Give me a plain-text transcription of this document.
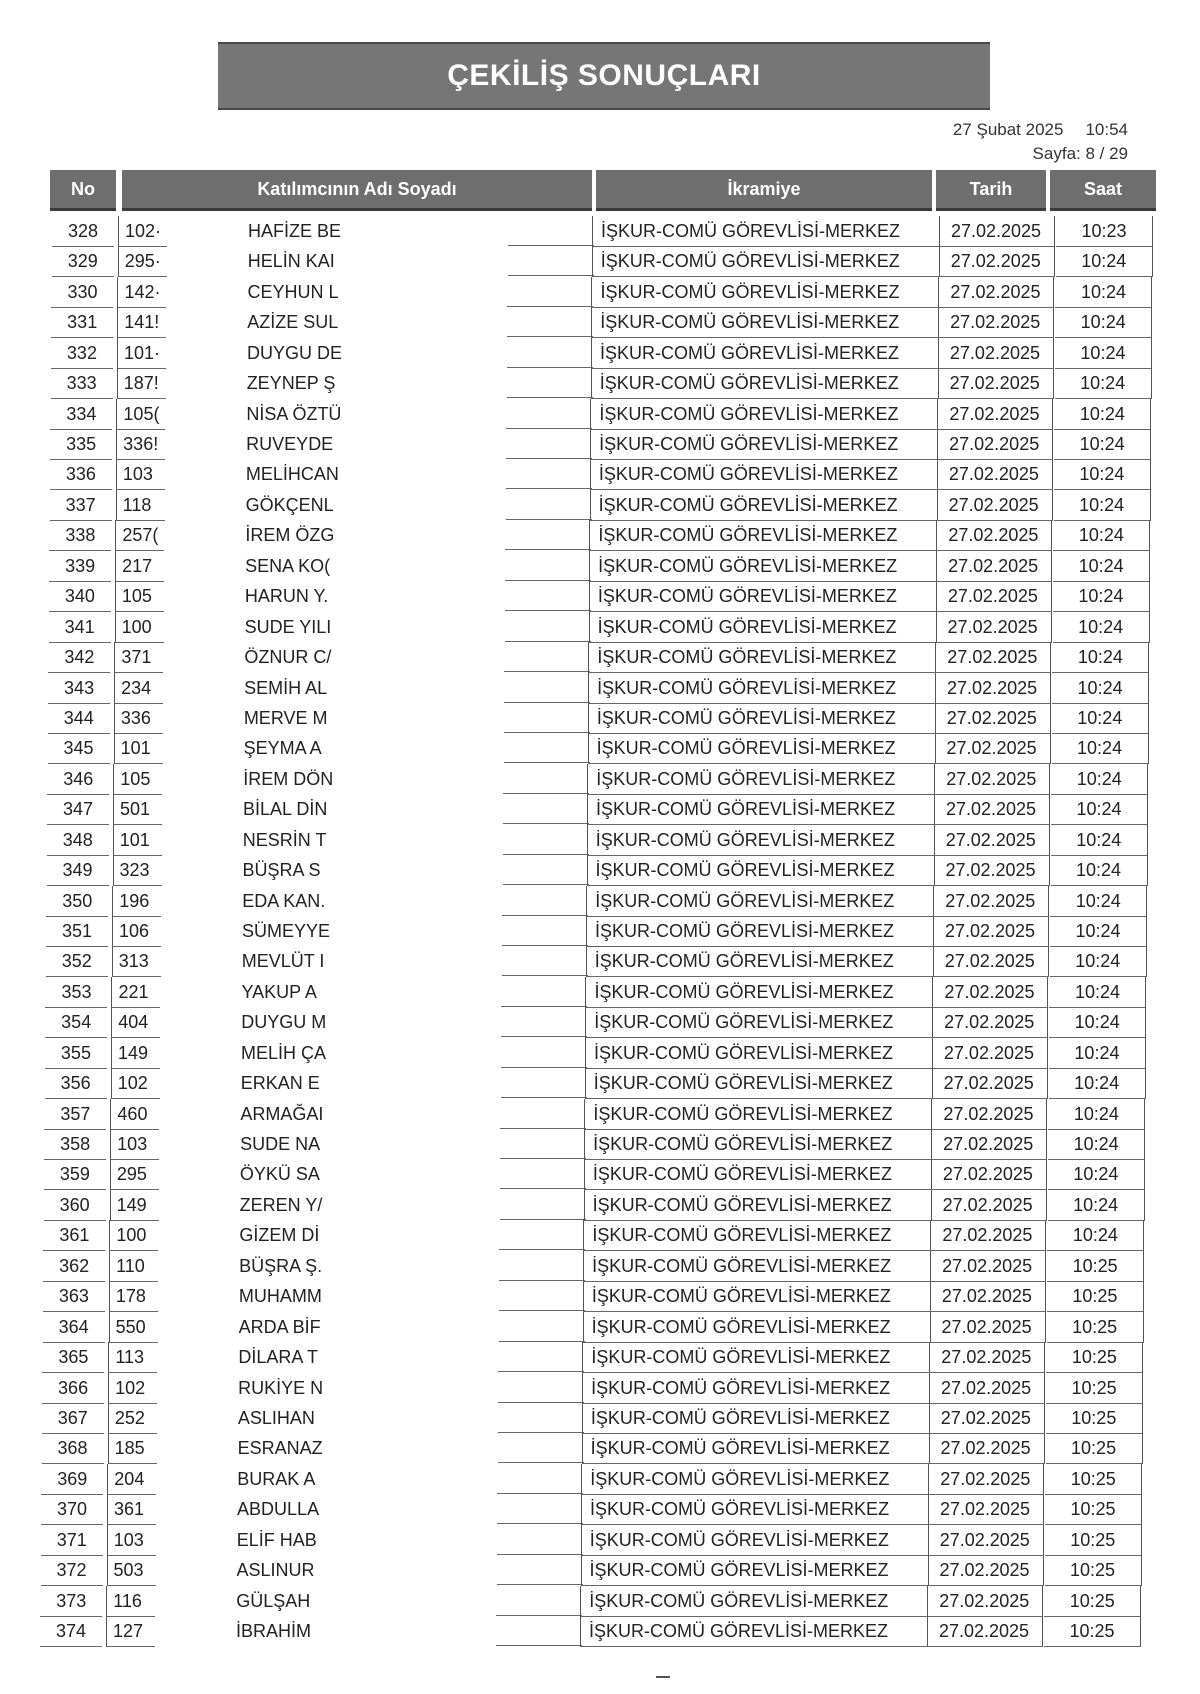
ÇEKİLİŞ SONUÇLARI
27 Şubat 2025 10:54
Sayfa: 8 / 29
No	Katılımcının Adı Soyadı	İkramiye	Tarih	Saat
328	102·	HAFİZE BE	İŞKUR-COMÜ GÖREVLİSİ-MERKEZ	27.02.2025	10:23
329	295·	HELİN KAI	İŞKUR-COMÜ GÖREVLİSİ-MERKEZ	27.02.2025	10:24
330	142·	CEYHUN L	İŞKUR-COMÜ GÖREVLİSİ-MERKEZ	27.02.2025	10:24
331	141!	AZİZE SUL	İŞKUR-COMÜ GÖREVLİSİ-MERKEZ	27.02.2025	10:24
332	101·	DUYGU DE	İŞKUR-COMÜ GÖREVLİSİ-MERKEZ	27.02.2025	10:24
333	187!	ZEYNEP Ş	İŞKUR-COMÜ GÖREVLİSİ-MERKEZ	27.02.2025	10:24
334	105(	NİSA ÖZTÜ	İŞKUR-COMÜ GÖREVLİSİ-MERKEZ	27.02.2025	10:24
335	336!	RUVEYDE	İŞKUR-COMÜ GÖREVLİSİ-MERKEZ	27.02.2025	10:24
336	103	MELİHCAN	İŞKUR-COMÜ GÖREVLİSİ-MERKEZ	27.02.2025	10:24
337	118	GÖKÇENL	İŞKUR-COMÜ GÖREVLİSİ-MERKEZ	27.02.2025	10:24
338	257(	İREM ÖZG	İŞKUR-COMÜ GÖREVLİSİ-MERKEZ	27.02.2025	10:24
339	217	SENA KO(	İŞKUR-COMÜ GÖREVLİSİ-MERKEZ	27.02.2025	10:24
340	105	HARUN Y.	İŞKUR-COMÜ GÖREVLİSİ-MERKEZ	27.02.2025	10:24
341	100	SUDE YILI	İŞKUR-COMÜ GÖREVLİSİ-MERKEZ	27.02.2025	10:24
342	371	ÖZNUR C/	İŞKUR-COMÜ GÖREVLİSİ-MERKEZ	27.02.2025	10:24
343	234	SEMİH AL	İŞKUR-COMÜ GÖREVLİSİ-MERKEZ	27.02.2025	10:24
344	336	MERVE M	İŞKUR-COMÜ GÖREVLİSİ-MERKEZ	27.02.2025	10:24
345	101	ŞEYMA A	İŞKUR-COMÜ GÖREVLİSİ-MERKEZ	27.02.2025	10:24
346	105	İREM DÖN	İŞKUR-COMÜ GÖREVLİSİ-MERKEZ	27.02.2025	10:24
347	501	BİLAL DİN	İŞKUR-COMÜ GÖREVLİSİ-MERKEZ	27.02.2025	10:24
348	101	NESRİN T	İŞKUR-COMÜ GÖREVLİSİ-MERKEZ	27.02.2025	10:24
349	323	BÜŞRA S	İŞKUR-COMÜ GÖREVLİSİ-MERKEZ	27.02.2025	10:24
350	196	EDA KAN.	İŞKUR-COMÜ GÖREVLİSİ-MERKEZ	27.02.2025	10:24
351	106	SÜMEYYE	İŞKUR-COMÜ GÖREVLİSİ-MERKEZ	27.02.2025	10:24
352	313	MEVLÜT I	İŞKUR-COMÜ GÖREVLİSİ-MERKEZ	27.02.2025	10:24
353	221	YAKUP A	İŞKUR-COMÜ GÖREVLİSİ-MERKEZ	27.02.2025	10:24
354	404	DUYGU M	İŞKUR-COMÜ GÖREVLİSİ-MERKEZ	27.02.2025	10:24
355	149	MELİH ÇA	İŞKUR-COMÜ GÖREVLİSİ-MERKEZ	27.02.2025	10:24
356	102	ERKAN E	İŞKUR-COMÜ GÖREVLİSİ-MERKEZ	27.02.2025	10:24
357	460	ARMAĞAI	İŞKUR-COMÜ GÖREVLİSİ-MERKEZ	27.02.2025	10:24
358	103	SUDE NA	İŞKUR-COMÜ GÖREVLİSİ-MERKEZ	27.02.2025	10:24
359	295	ÖYKÜ SA	İŞKUR-COMÜ GÖREVLİSİ-MERKEZ	27.02.2025	10:24
360	149	ZEREN Y/	İŞKUR-COMÜ GÖREVLİSİ-MERKEZ	27.02.2025	10:24
361	100	GİZEM Dİ	İŞKUR-COMÜ GÖREVLİSİ-MERKEZ	27.02.2025	10:24
362	110	BÜŞRA Ş.	İŞKUR-COMÜ GÖREVLİSİ-MERKEZ	27.02.2025	10:25
363	178	MUHAMM	İŞKUR-COMÜ GÖREVLİSİ-MERKEZ	27.02.2025	10:25
364	550	ARDA BİF	İŞKUR-COMÜ GÖREVLİSİ-MERKEZ	27.02.2025	10:25
365	113	DİLARA T	İŞKUR-COMÜ GÖREVLİSİ-MERKEZ	27.02.2025	10:25
366	102	RUKİYE N	İŞKUR-COMÜ GÖREVLİSİ-MERKEZ	27.02.2025	10:25
367	252	ASLIHAN	İŞKUR-COMÜ GÖREVLİSİ-MERKEZ	27.02.2025	10:25
368	185	ESRANAZ	İŞKUR-COMÜ GÖREVLİSİ-MERKEZ	27.02.2025	10:25
369	204	BURAK A	İŞKUR-COMÜ GÖREVLİSİ-MERKEZ	27.02.2025	10:25
370	361	ABDULLA	İŞKUR-COMÜ GÖREVLİSİ-MERKEZ	27.02.2025	10:25
371	103	ELİF HAB	İŞKUR-COMÜ GÖREVLİSİ-MERKEZ	27.02.2025	10:25
372	503	ASLINUR	İŞKUR-COMÜ GÖREVLİSİ-MERKEZ	27.02.2025	10:25
373	116	GÜLŞAH	İŞKUR-COMÜ GÖREVLİSİ-MERKEZ	27.02.2025	10:25
374	127	İBRAHİM	İŞKUR-COMÜ GÖREVLİSİ-MERKEZ	27.02.2025	10:25
